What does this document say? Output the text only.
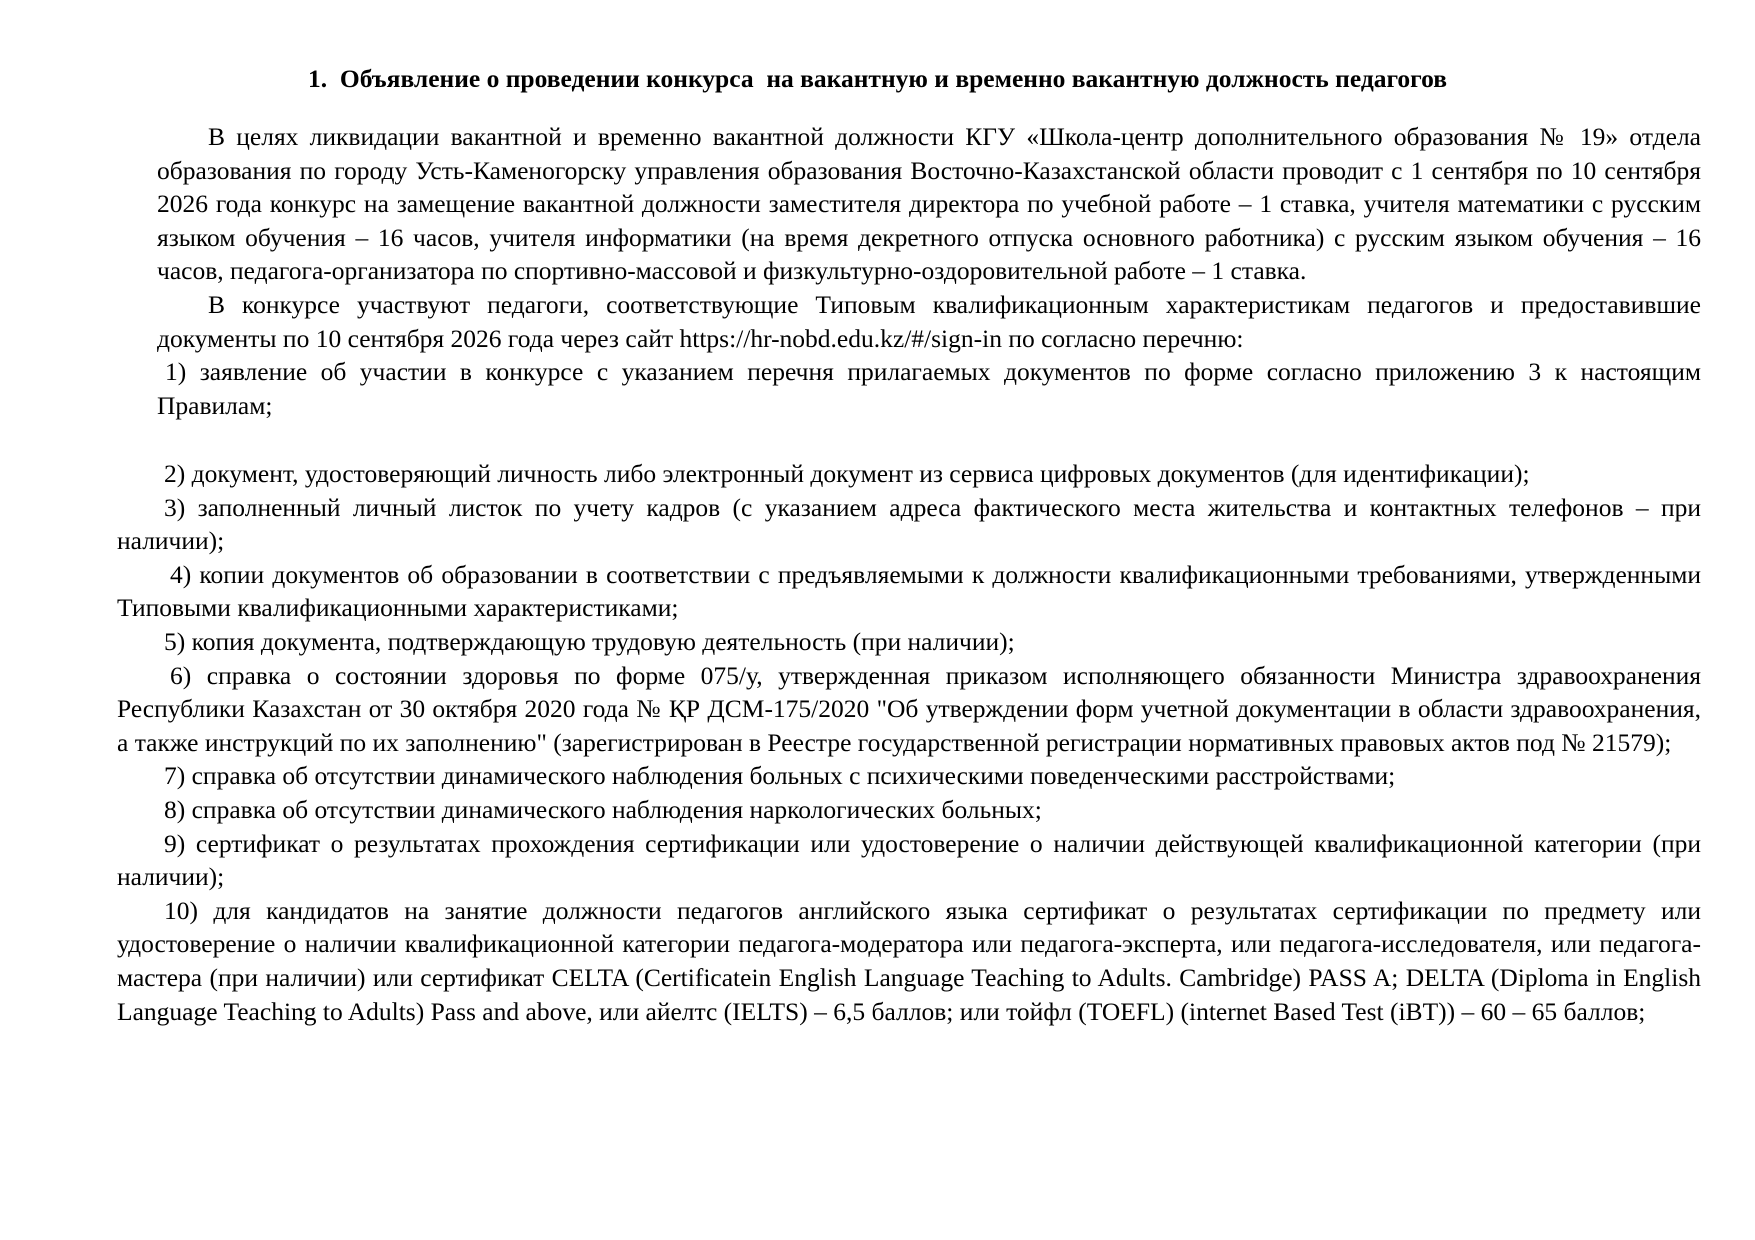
1.  Объявление о проведении конкурса  на вакантную и временно вакантную должность педагогов

В целях ликвидации вакантной и временно вакантной должности КГУ «Школа-центр дополнительного образования № 19» отдела образования по городу Усть-Каменогорску управления образования Восточно-Казахстанской области проводит с 1 сентября по 10 сентября 2026 года конкурс на замещение вакантной должности заместителя директора по учебной работе – 1 ставка, учителя математики с русским языком обучения – 16 часов, учителя информатики (на время декретного отпуска основного работника) с русским языком обучения – 16 часов, педагога-организатора по спортивно-массовой и физкультурно-оздоровительной работе – 1 ставка.

В конкурсе участвуют педагоги, соответствующие Типовым квалификационным характеристикам педагогов и предоставившие документы по 10 сентября 2026 года через сайт https://hr-nobd.edu.kz/#/sign-in по согласно перечню:

1) заявление об участии в конкурсе с указанием перечня прилагаемых документов по форме согласно приложению 3 к настоящим Правилам;

2) документ, удостоверяющий личность либо электронный документ из сервиса цифровых документов (для идентификации);

3) заполненный личный листок по учету кадров (с указанием адреса фактического места жительства и контактных телефонов – при наличии);

4) копии документов об образовании в соответствии с предъявляемыми к должности квалификационными требованиями, утвержденными Типовыми квалификационными характеристиками;

5) копия документа, подтверждающую трудовую деятельность (при наличии);

6) справка о состоянии здоровья по форме 075/у, утвержденная приказом исполняющего обязанности Министра здравоохранения Республики Казахстан от 30 октября 2020 года № ҚР ДСМ-175/2020 "Об утверждении форм учетной документации в области здравоохранения, а также инструкций по их заполнению" (зарегистрирован в Реестре государственной регистрации нормативных правовых актов под № 21579);

7) справка об отсутствии динамического наблюдения больных с психическими поведенческими расстройствами;

8) справка об отсутствии динамического наблюдения наркологических больных;

9) сертификат о результатах прохождения сертификации или удостоверение о наличии действующей квалификационной категории (при наличии);

10) для кандидатов на занятие должности педагогов английского языка сертификат о результатах сертификации по предмету или удостоверение о наличии квалификационной категории педагога-модератора или педагога-эксперта, или педагога-исследователя, или педагога-мастера (при наличии) или сертификат CELTA (Certificatein English Language Teaching to Adults. Cambridge) PASS A; DELTA (Diploma in English Language Teaching to Adults) Pass and above, или айелтс (IELTS) – 6,5 баллов; или тойфл (TOEFL) (internet Based Test (iBT)) – 60 – 65 баллов;
